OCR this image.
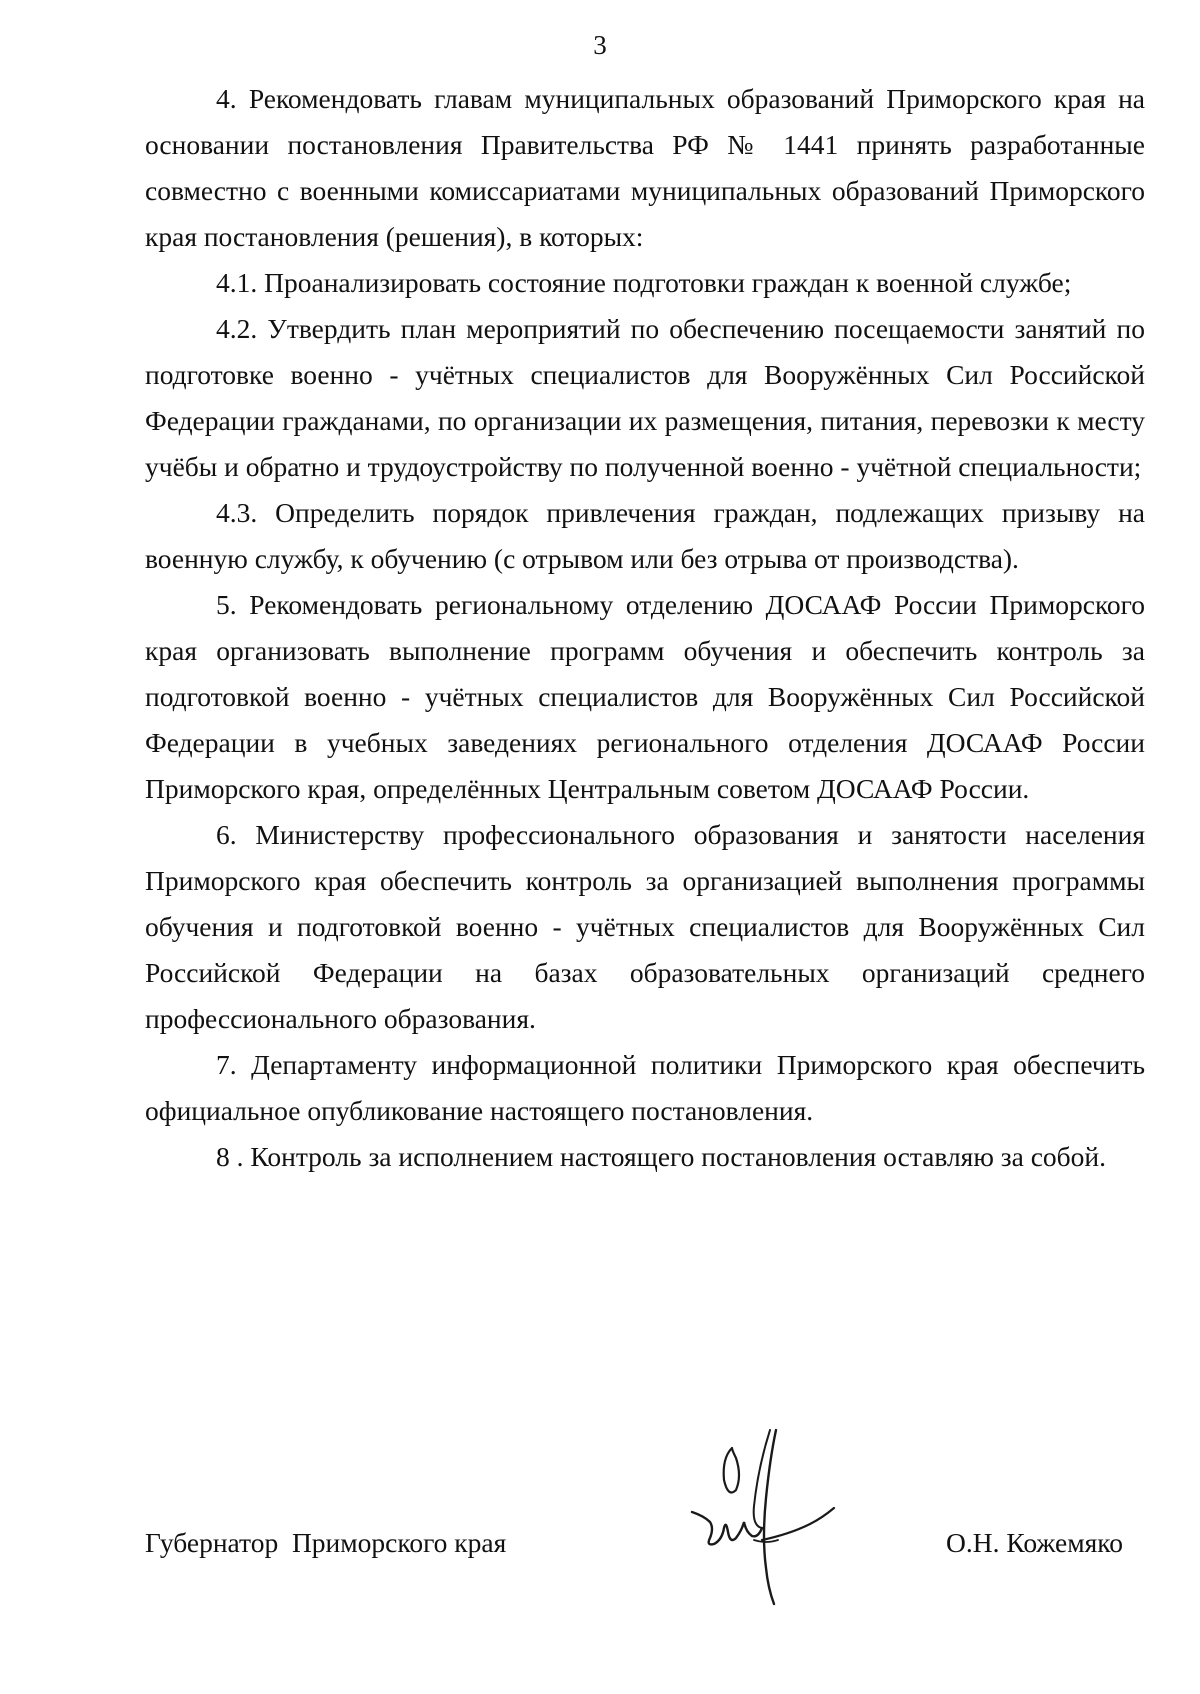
3

4. Рекомендовать главам муниципальных образований Приморского края на основании постановления Правительства РФ № 1441 принять разработанные совместно с военными комиссариатами муниципальных образований Приморского края постановления (решения), в которых:

4.1. Проанализировать состояние подготовки граждан к военной службе;

4.2. Утвердить план мероприятий по обеспечению посещаемости занятий по подготовке военно - учётных специалистов для Вооружённых Сил Российской Федерации гражданами, по организации их размещения, питания, перевозки к месту учёбы и обратно и трудоустройству по полученной военно - учётной специальности;

4.3. Определить порядок привлечения граждан, подлежащих призыву на военную службу, к обучению (с отрывом или без отрыва от производства).

5. Рекомендовать региональному отделению ДОСААФ России Приморского края организовать выполнение программ обучения и обеспечить контроль за подготовкой военно - учётных специалистов для Вооружённых Сил Российской Федерации в учебных заведениях регионального отделения ДОСААФ России Приморского края, определённых Центральным советом ДОСААФ России.

6. Министерству профессионального образования и занятости населения Приморского края обеспечить контроль за организацией выполнения программы обучения и подготовкой военно - учётных специалистов для Вооружённых Сил Российской Федерации на базах образовательных организаций среднего профессионального образования.

7. Департаменту информационной политики Приморского края обеспечить официальное опубликование настоящего постановления.

8 . Контроль за исполнением настоящего постановления оставляю за собой.

Губернатор  Приморского края	О.Н. Кожемяко
